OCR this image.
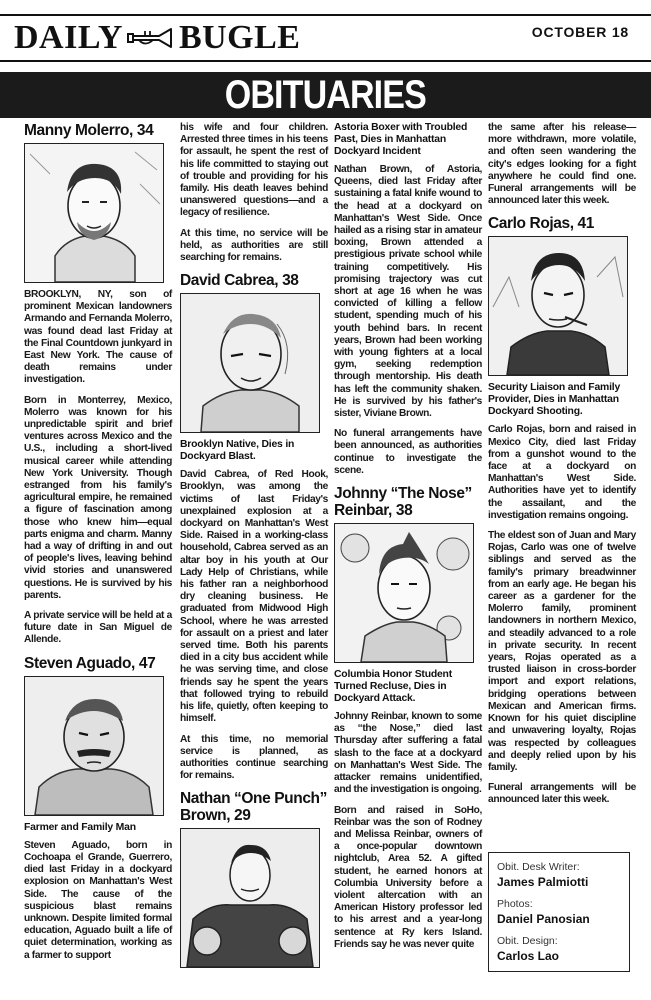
DAILY BUGLE	OCTOBER 18
OBITUARIES
Manny Molerro, 34

BROOKLYN, NY, son of prominent Mexican landowners Armando and Fernanda Molerro, was found dead last Friday at the Final Countdown junkyard in East New York. The cause of death remains under investigation.

Born in Monterrey, Mexico, Molerro was known for his unpredictable spirit and brief ventures across Mexico and the U.S., including a short-lived musical career while attending New York University. Though estranged from his family's agricultural empire, he remained a figure of fascination among those who knew him—equal parts enigma and charm. Manny had a way of drifting in and out of people's lives, leaving behind vivid stories and unanswered questions. He is survived by his parents.

A private service will be held at a future date in San Miguel de Allende.

Steven Aguado, 47
Farmer and Family Man

Steven Aguado, born in Cochoapa el Grande, Guerrero, died last Friday in a dockyard explosion on Manhattan's West Side. The cause of the suspicious blast remains unknown. Despite limited formal education, Aguado built a life of quiet determination, working as a farmer to support

his wife and four children. Arrested three times in his teens for assault, he spent the rest of his life committed to staying out of trouble and providing for his family. His death leaves behind unanswered questions—and a legacy of resilience.

At this time, no service will be held, as authorities are still searching for remains.

David Cabrea, 38
Brooklyn Native, Dies in Dockyard Blast.

David Cabrea, of Red Hook, Brooklyn, was among the victims of last Friday's unexplained explosion at a dockyard on Manhattan's West Side. Raised in a working-class household, Cabrea served as an altar boy in his youth at Our Lady Help of Christians, while his father ran a neighborhood dry cleaning business. He graduated from Midwood High School, where he was arrested for assault on a priest and later served time. Both his parents died in a city bus accident while he was serving time, and close friends say he spent the years that followed trying to rebuild his life, quietly, often keeping to himself.

At this time, no memorial service is planned, as authorities continue searching for remains.

Nathan “One Punch” Brown, 29
Astoria Boxer with Troubled Past, Dies in Manhattan Dockyard Incident

Nathan Brown, of Astoria, Queens, died last Friday after sustaining a fatal knife wound to the head at a dockyard on Manhattan's West Side. Once hailed as a rising star in amateur boxing, Brown attended a prestigious private school while training competitively. His promising trajectory was cut short at age 16 when he was convicted of killing a fellow student, spending much of his youth behind bars. In recent years, Brown had been working with young fighters at a local gym, seeking redemption through mentorship. His death has left the community shaken. He is survived by his father's sister, Viviane Brown.

No funeral arrangements have been announced, as authorities continue to investigate the scene.

Johnny “The Nose” Reinbar, 38
Columbia Honor Student Turned Recluse, Dies in Dockyard Attack.

Johnny Reinbar, known to some as “the Nose,” died last Thursday after suffering a fatal slash to the face at a dockyard on Manhattan's West Side. The attacker remains unidentified, and the investigation is ongoing.

Born and raised in SoHo, Reinbar was the son of Rodney and Melissa Reinbar, owners of a once-popular downtown nightclub, Area 52. A gifted student, he earned honors at Columbia University before a violent altercation with an American History professor led to his arrest and a year-long sentence at Ry kers Island. Friends say he was never quite

the same after his release—more withdrawn, more volatile, and often seen wandering the city's edges looking for a fight anywhere he could find one. Funeral arrangements will be announced later this week.

Carlo Rojas, 41
Security Liaison and Family Provider, Dies in Manhattan Dockyard Shooting.

Carlo Rojas, born and raised in Mexico City, died last Friday from a gunshot wound to the face at a dockyard on Manhattan's West Side. Authorities have yet to identify the assailant, and the investigation remains ongoing.

The eldest son of Juan and Mary Rojas, Carlo was one of twelve siblings and served as the family's primary breadwinner from an early age. He began his career as a gardener for the Molerro family, prominent landowners in northern Mexico, and steadily advanced to a role in private security. In recent years, Rojas operated as a trusted liaison in cross-border import and export relations, bridging operations between Mexican and American firms. Known for his quiet discipline and unwavering loyalty, Rojas was respected by colleagues and deeply relied upon by his family.

Funeral arrangements will be announced later this week.

Obit. Desk Writer:
James Palmiotti
Photos:
Daniel Panosian
Obit. Design:
Carlos Lao
